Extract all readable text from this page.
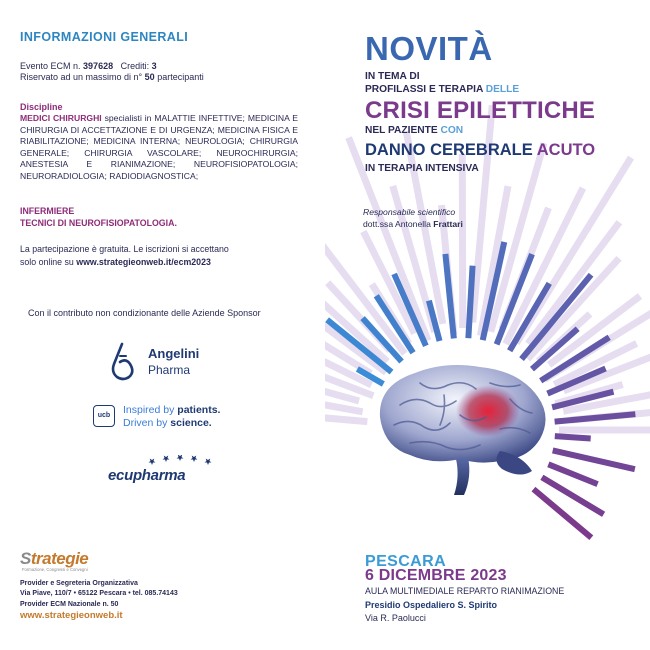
INFORMAZIONI GENERALI
Evento ECM n. 397628 Crediti: 3
Riservato ad un massimo di n° 50 partecipanti
Discipline
MEDICI CHIRURGHI specialisti in MALATTIE INFETTIVE; MEDICINA E CHIRURGIA DI ACCETTAZIONE E DI URGENZA; MEDICINA FISICA E RIABILITAZIONE; MEDICINA INTERNA; NEUROLOGIA; CHIRURGIA GENERALE; CHIRURGIA VASCOLARE; NEUROCHIRURGIA; ANESTESIA E RIANIMAZIONE; NEUROFISIOPATOLOGIA; NEURORADIOLOGIA; RADIODIAGNOSTICA;
INFERMIERE
TECNICI DI NEUROFISIOPATOLOGIA.
La partecipazione è gratuita. Le iscrizioni si accettano
solo online su www.strategieonweb.it/ecm2023
Con il contributo non condizionante delle Aziende Sponsor
Angelini
Pharma
ucb	Inspired by patients.
Driven by science.
ecupharma
Strategie
Formazione, Congressi e Convegni
Provider e Segreteria Organizzativa
Via Piave, 110/7 • 65122 Pescara • tel. 085.74143
Provider ECM Nazionale n. 50
www.strategieonweb.it
NOVITÀ
IN TEMA DI
PROFILASSI E TERAPIA DELLE
CRISI EPILETTICHE
NEL PAZIENTE CON
DANNO CEREBRALE ACUTO
IN TERAPIA INTENSIVA
Responsabile scientifico
dott.ssa Antonella Frattari
PESCARA
6 DICEMBRE 2023
AULA MULTIMEDIALE REPARTO RIANIMAZIONE
Presidio Ospedaliero S. Spirito
Via R. Paolucci
